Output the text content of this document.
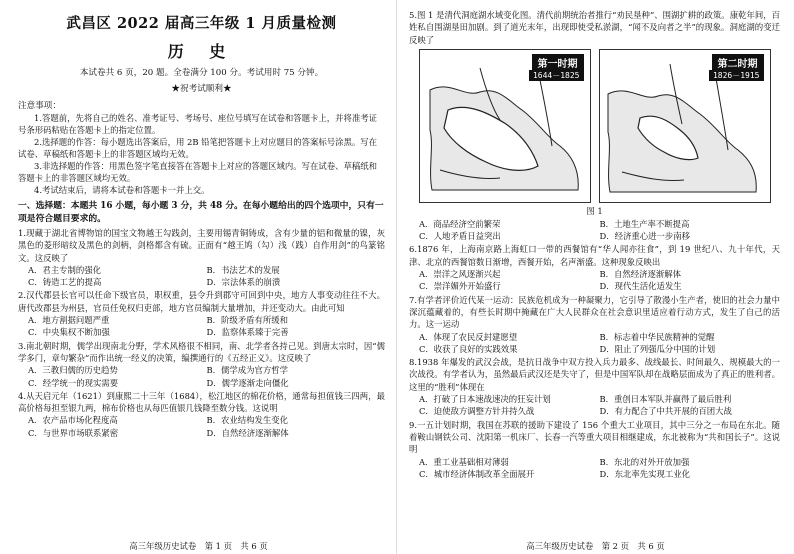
武昌区 2022 届高三年级 1 月质量检测
历 史
本试卷共 6 页，20 题。全卷满分 100 分。考试用时 75 分钟。
★祝考试顺利★
注意事项：
1.答题前，先将自己的姓名、准考证号、考场号、座位号填写在试卷和答题卡上，并将准考证号条形码粘贴在答题卡上的指定位置。
2.选择题的作答：每小题选出答案后，用 2B 铅笔把答题卡上对应题目的答案标号涂黑。写在试卷、草稿纸和答题卡上的非答题区域均无效。
3.非选择题的作答：用黑色签字笔直接答在答题卡上对应的答题区域内。写在试卷、草稿纸和答题卡上的非答题区域均无效。
4.考试结束后，请将本试卷和答题卡一并上交。
一、选择题：本题共 16 小题，每小题 3 分，共 48 分。在每小题给出的四个选项中，只有一项是符合题目要求的。
1.现藏于湖北省博物馆的国宝文物越王勾践剑，主要用锡青铜铸成，含有少量的铝和微量的镍，灰黑色的菱形暗纹及黑色的剑柄，剑格都含有硫。正面有“越王鸠（勾）浅（践）自作用剑”的鸟篆铭文。这反映了
A．君主专制的强化	B．书法艺术的发展
C．铸造工艺的提高	D．宗法体系的崩溃
2.汉代郡县长官可以任命下级官员，职权重，县令升到郡守可回到中央，地方人事变动往往不大。唐代改郡县为州县，官员任免权归吏部，地方官员编制大量增加，并还变动大。由此可知
A．地方割据问题严重	B．阶级矛盾有所缓和
C．中央集权不断加强	D．监察体系臻于完善
3.南北朝时期，儒学出现南北分野，学术风格很不相同，南、北学者各持己见。到唐太宗时，因“儒学多门，章句繁杂”而作出统一经义的决策，编撰通行的《五经正义》。这反映了
A．三教归儒的历史趋势	B．儒学成为官方哲学
C．经学统一的现实需要	D．儒学逐渐走向僵化
4.从天启元年（1621）到康熙二十三年（1684），松江地区的棉花价格，通常每担值钱三四两，最高价格每担至银九两，棉布价格也从每匹值银几钱降至数分钱。这说明
A．农产品市场化程度高	B．农业结构发生变化
C．与世界市场联系紧密	D．自然经济逐渐解体
高三年级历史试卷　第 1 页　共 6 页
5.图 1 是清代洞庭湖水域变化图。清代前期统治者推行“劝民垦种”、围湖扩耕的政策。康乾年间，百姓私自围湖垦田加剧。到了道光末年，出现即使受私淤湖，“闻不及向者之半”的现象。洞庭湖的变迁反映了
第一时期
1644－1825
第二时期
1826－1915
图 1
A．商品经济空前繁荣	B．土地生产率不断提高
C．人地矛盾日益突出	D．经济重心进一步南移
6.1876 年，上海南京路上海虹口一带的西餐馆有“华人闻亦往食”，到 19 世纪八、九十年代，天津、北京的西餐馆数日渐增，西餐开始，名声渐盛。这种现象反映出
A．崇洋之风逐渐兴起	B．自然经济逐渐解体
C．崇洋媚外开始盛行	D．现代生活化适发生
7.有学者评价近代某一运动：民族危机成为一种凝聚力，它引导了散漫小生产者，使旧的社会力量中深沉蕴藏着的，有些长时期中掩藏在广大人民群众在社会意识里适应着行动方式，发生了自己的活力。这一运动
A．体现了农民反封建愿望	B．标志着中华民族精神的觉醒
C．收获了良好的实践效果	D．阻止了列强瓜分中国的计划
8.1938 年爆发的武汉会战，是抗日战争中双方投入兵力最多、战线最长、时间最久、规模最大的一次战役。有学者认为，虽然最后武汉还是失守了，但是中国军队却在战略层面成为了真正的胜利者。这里的“胜利”体现在
A．打破了日本速战速决的狂妄计划	B．重创日本军队并赢得了最后胜利
C．迫使敌方调整方针并持久战	D．有力配合了中共开展的百团大战
9.一五计划时期，我国在苏联的援助下建设了 156 个重大工业项目，其中三分之一布局在东北。随着鞍山钢铁公司、沈阳第一机床厂、长春一汽等重大项目相继建成，东北被称为“共和国长子”。这说明
A．重工业基础相对薄弱	B．东北的对外开放加强
C．城市经济体制改革全面展开	D．东北率先实现工业化
高三年级历史试卷　第 2 页　共 6 页
